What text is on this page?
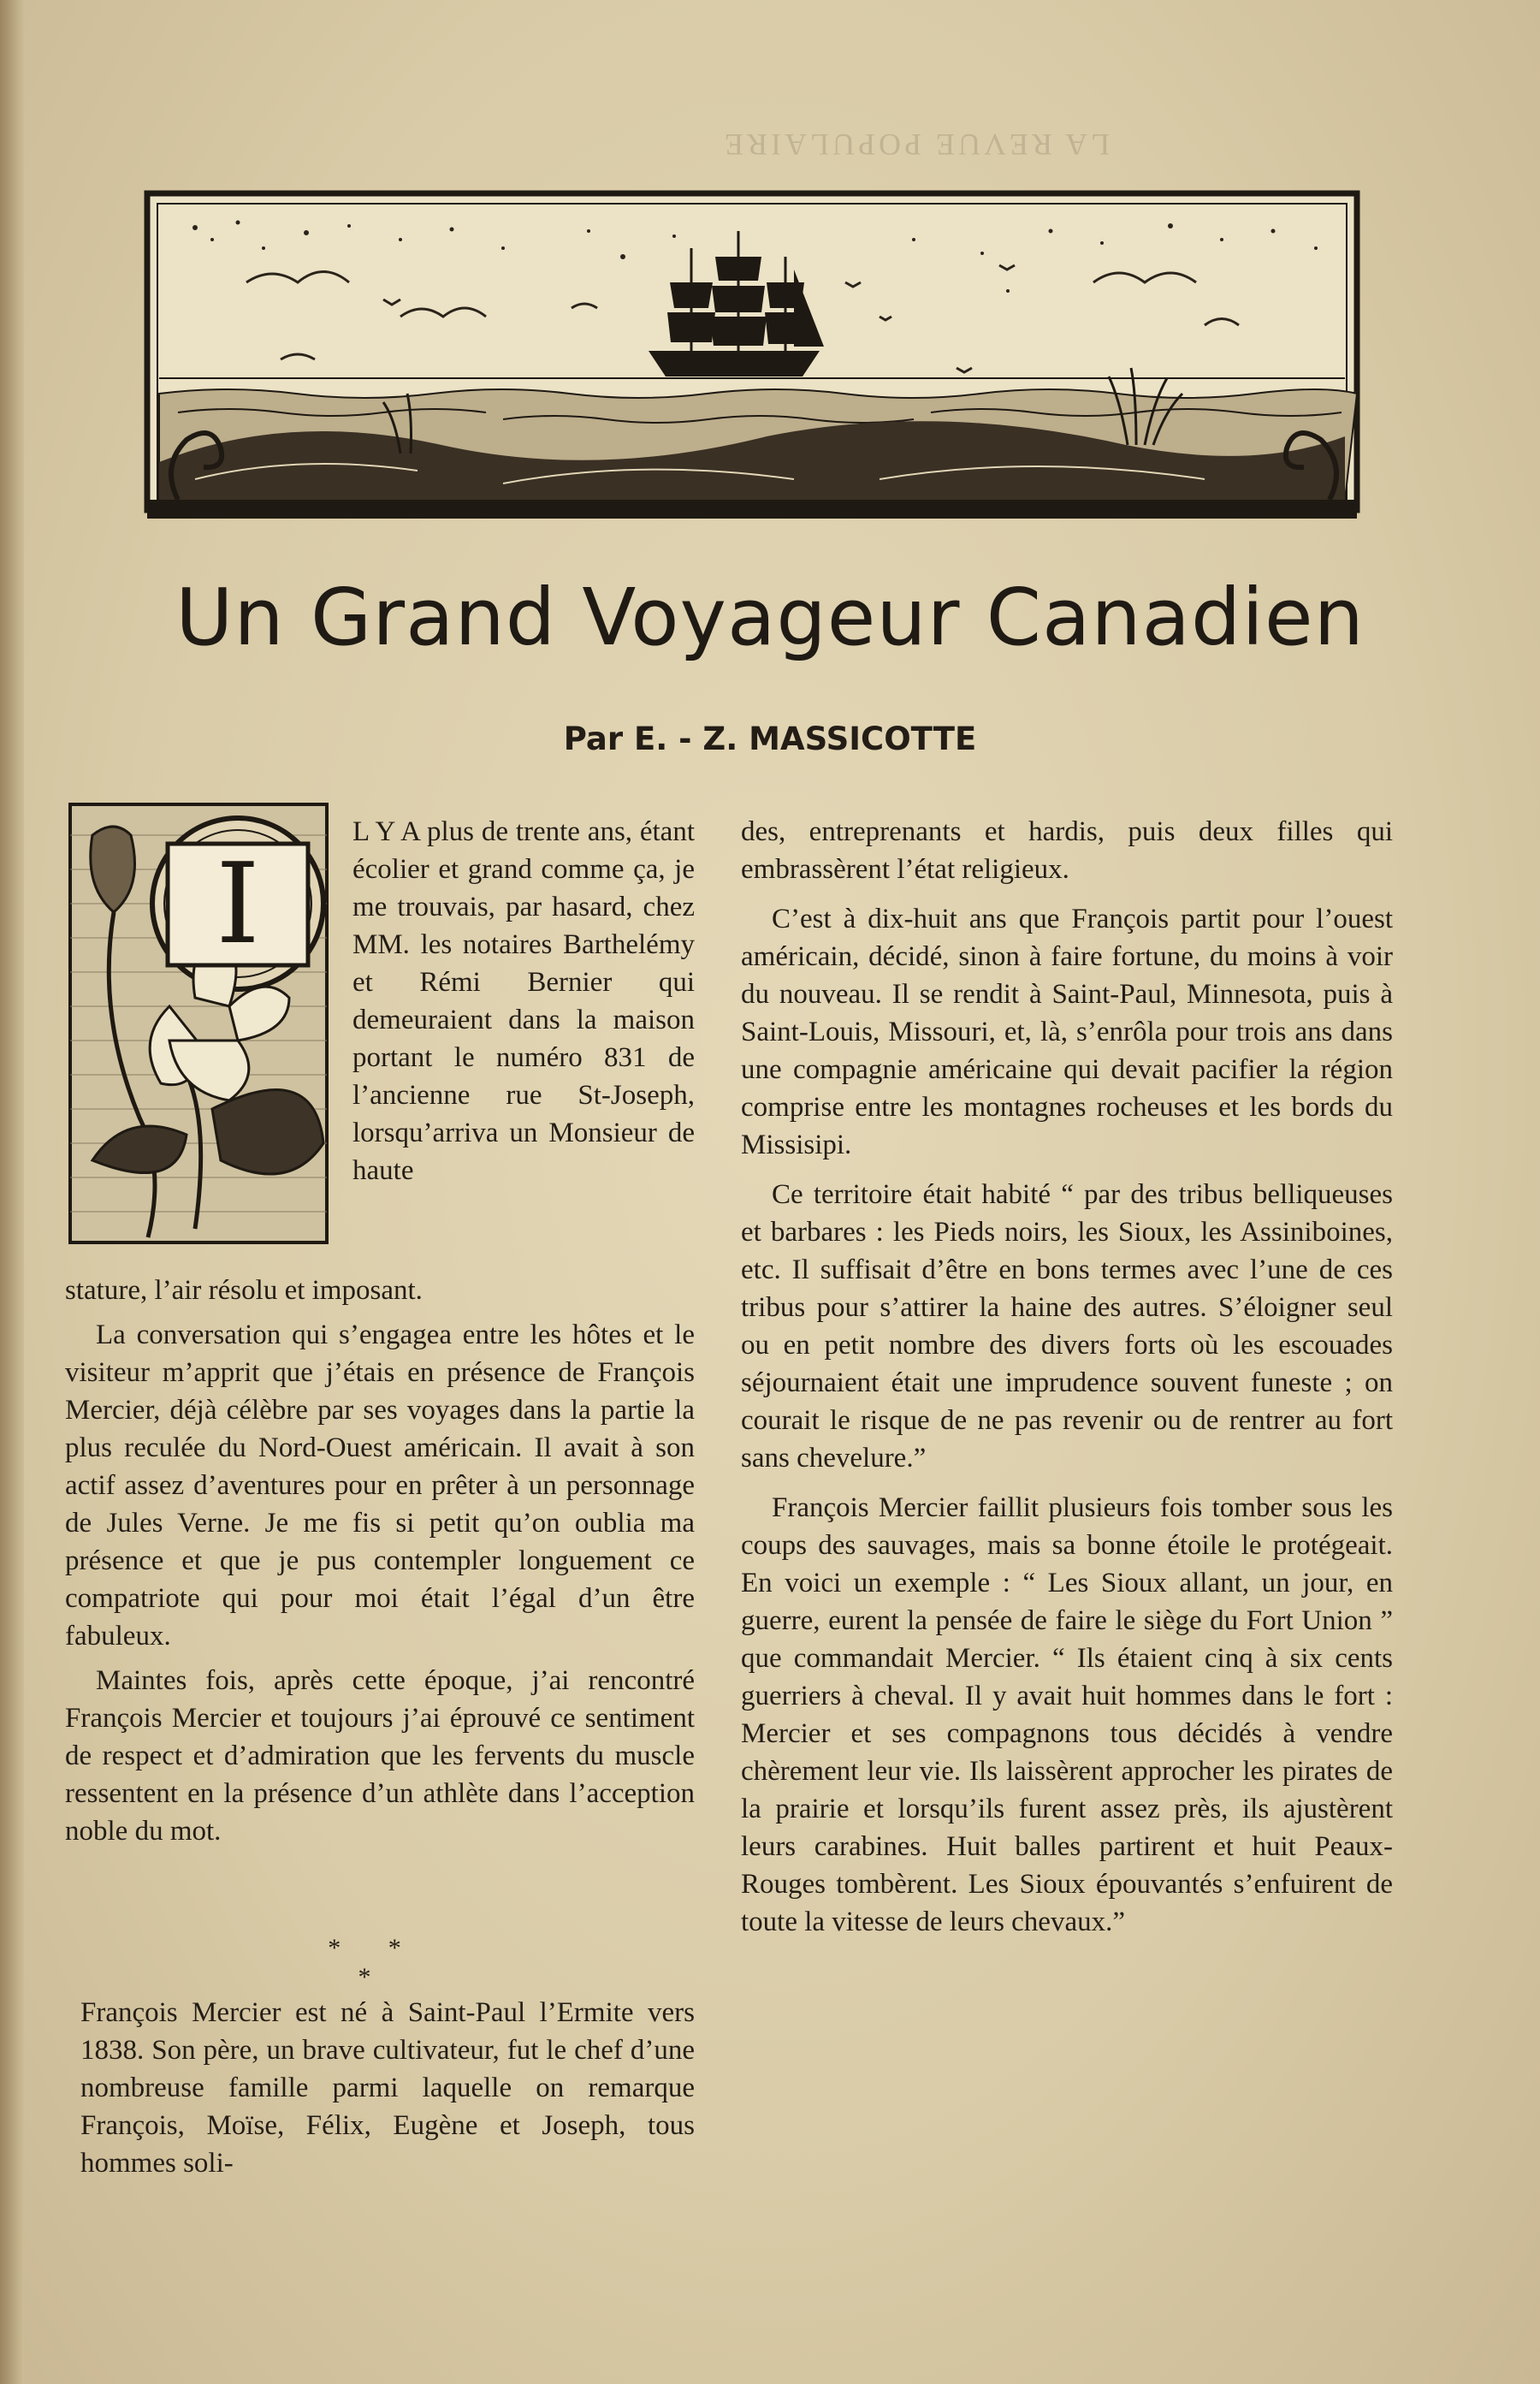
LA REVUE POPULAIRE
Un Grand Voyageur Canadien
Par E. - Z. MASSICOTTE
I
L Y A plus de trente ans, étant écolier et grand comme ça, je me trouvais, par hasard, chez MM. les notaires Barthelémy et Rémi Bernier qui demeuraient dans la maison portant le numéro 831 de l’ancienne rue St-Joseph, lorsqu’arriva un Monsieur de haute

stature, l’air résolu et imposant.

La conversation qui s’engagea entre les hôtes et le visiteur m’apprit que j’étais en présence de François Mercier, déjà célèbre par ses voyages dans la partie la plus reculée du Nord-Ouest américain. Il avait à son actif assez d’aventures pour en prêter à un personnage de Jules Verne. Je me fis si petit qu’on oublia ma présence et que je pus contempler longuement ce compatriote qui pour moi était l’égal d’un être fabuleux.

Maintes fois, après cette époque, j’ai rencontré François Mercier et toujours j’ai éprouvé ce sentiment de respect et d’admiration que les fervents du muscle ressentent en la présence d’un athlète dans l’acception noble du mot.

* * *

François Mercier est né à Saint-Paul l’Ermite vers 1838. Son père, un brave cultivateur, fut le chef d’une nombreuse famille parmi laquelle on remarque François, Moïse, Félix, Eugène et Joseph, tous hommes soli-

des, entreprenants et hardis, puis deux filles qui embrassèrent l’état religieux.

C’est à dix-huit ans que François partit pour l’ouest américain, décidé, sinon à faire fortune, du moins à voir du nouveau. Il se rendit à Saint-Paul, Minnesota, puis à Saint-Louis, Missouri, et, là, s’enrôla pour trois ans dans une compagnie américaine qui devait pacifier la région comprise entre les montagnes rocheuses et les bords du Missisipi.

Ce territoire était habité “ par des tribus belliqueuses et barbares : les Pieds noirs, les Sioux, les Assiniboines, etc. Il suffisait d’être en bons termes avec l’une de ces tribus pour s’attirer la haine des autres. S’éloigner seul ou en petit nombre des divers forts où les escouades séjournaient était une imprudence souvent funeste ; on courait le risque de ne pas revenir ou de rentrer au fort sans chevelure.”

François Mercier faillit plusieurs fois tomber sous les coups des sauvages, mais sa bonne étoile le protégeait. En voici un exemple : “ Les Sioux allant, un jour, en guerre, eurent la pensée de faire le siège du Fort Union ” que commandait Mercier. “ Ils étaient cinq à six cents guerriers à cheval. Il y avait huit hommes dans le fort : Mercier et ses compagnons tous décidés à vendre chèrement leur vie. Ils laissèrent approcher les pirates de la prairie et lorsqu’ils furent assez près, ils ajustèrent leurs carabines. Huit balles partirent et huit Peaux-Rouges tombèrent. Les Sioux épouvantés s’enfuirent de toute la vitesse de leurs chevaux.”
